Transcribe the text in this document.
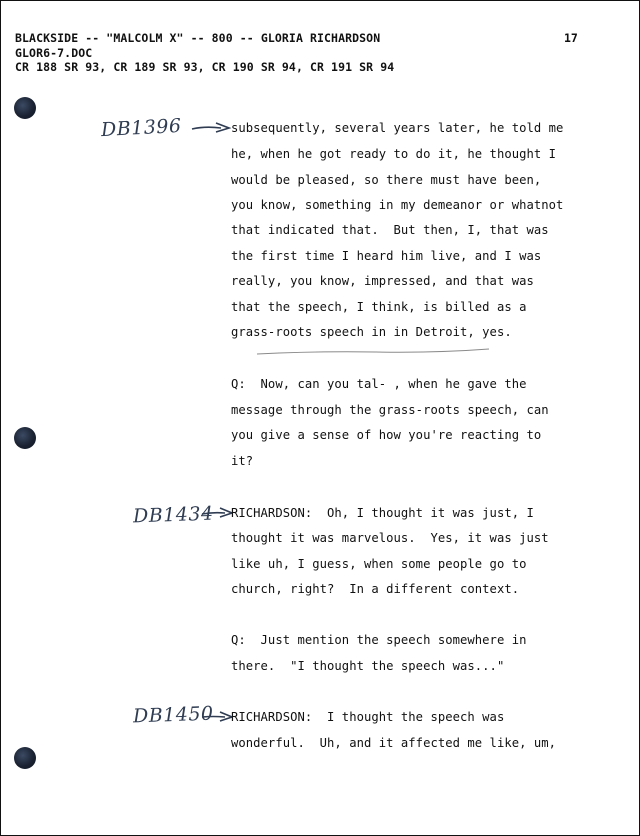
BLACKSIDE -- "MALCOLM X" -- 800 -- GLORIA RICHARDSON
GLOR6-7.DOC
CR 188 SR 93, CR 189 SR 93, CR 190 SR 94, CR 191 SR 94
17
DB1396
DB1434
DB1450
subsequently, several years later, he told me
he, when he got ready to do it, he thought I
would be pleased, so there must have been,
you know, something in my demeanor or whatnot
that indicated that.  But then, I, that was
the first time I heard him live, and I was
really, you know, impressed, and that was
that the speech, I think, is billed as a
grass-roots speech in in Detroit, yes.
Q:  Now, can you tal- , when he gave the
message through the grass-roots speech, can
you give a sense of how you're reacting to
it?
RICHARDSON:  Oh, I thought it was just, I
thought it was marvelous.  Yes, it was just
like uh, I guess, when some people go to
church, right?  In a different context.
Q:  Just mention the speech somewhere in
there.  "I thought the speech was..."
RICHARDSON:  I thought the speech was
wonderful.  Uh, and it affected me like, um,
